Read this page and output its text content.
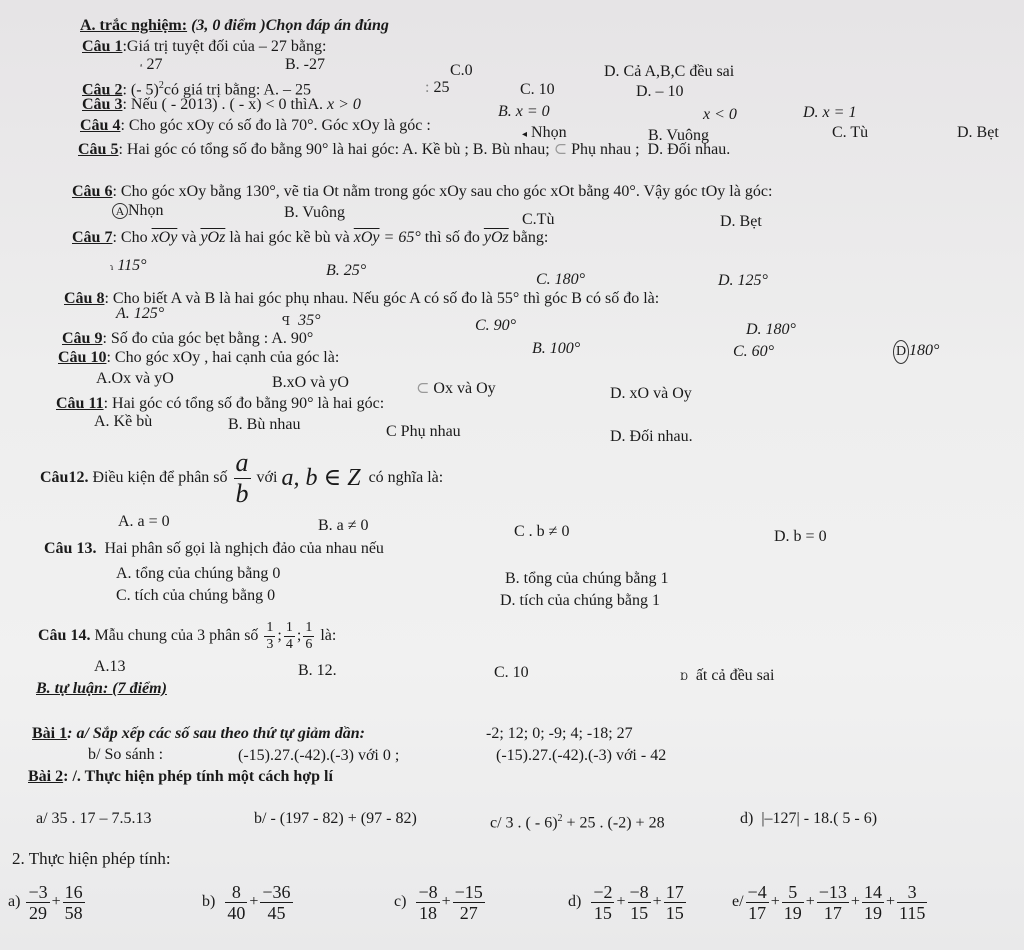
A. trắc nghiệm: (3, 0 điểm )Chọn đáp án đúng
Câu 1:Giá trị tuyệt đối của – 27 bằng:
ᵃ 27	B. -27	C.0	D. Cả A,B,C đều sai
Câu 2: (- 5)$^2$có giá trị bằng: A. – 25	: 25	C. 10	D. – 10
Câu 3: Nếu ( - 2013) . ( - x) < 0 thìA. x > 0	B. x = 0	x < 0	D. x = 1
Câu 4: Cho góc xOy có số đo là 70°. Góc xOy là góc :
◂ Nhọn	B. Vuông	C. Tù	D. Bẹt
Câu 5: Hai góc có tổng số đo bằng 90° là hai góc: A. Kề bù ; B. Bù nhau; ⊂ Phụ nhau ; D. Đối nhau.
Câu 6: Cho góc xOy bằng 130°, vẽ tia Ot nằm trong góc xOy sau cho góc xOt bằng 40°. Vậy góc tOy là góc:
A Nhọn	B. Vuông	C.Tù	D. Bẹt
Câu 7: Cho $\overline{xOy}$ và $\overline{yOz}$ là hai góc kề bù và $\overline{xOy} = 65^\circ$ thì số đo $\overline{yOz}$ bằng:
ɿ 115°	B. 25°
C. 180°	D. 125°
Câu 8: Cho biết A và B là hai góc phụ nhau. Nếu góc A có số đo là 55° thì góc B có số đo là:
A. 125°	ꟼ 35°	C. 90°	D. 180°
Câu 9: Số đo của góc bẹt bằng : A. 90°
B. 100°	C. 60°	D 180°
Câu 10: Cho góc xOy , hai cạnh của góc là:
A.Ox và yO	B.xO và yO	⊂ Ox và Oy	D. xO và Oy
Câu 11: Hai góc có tổng số đo bằng 90° là hai góc:
A. Kề bù	B. Bù nhau	C Phụ nhau	D. Đối nhau.
Câu12.
Điều kiện để phân số
$\frac{a}{b}$
với
a, b ∈ Z
có nghĩa là:
A. a = 0	B. a ≠ 0	C . b ≠ 0	D. b = 0
Câu 13. Hai phân số gọi là nghịch đảo của nhau nếu
A. tổng của chúng bằng 0	B. tổng của chúng bằng 1
C. tích của chúng bằng 0	D. tích của chúng bằng 1
Câu 14.
Mẫu chung của 3 phân số
$\frac{1}{3}$ ; $\frac{1}{4}$ ; $\frac{1}{6}$
là:
A.13	B. 12.	C. 10	Ɒ ất cả đều sai
B. tự luận: (7 điểm)
Bài 1: a/ Sắp xếp các số sau theo thứ tự giảm dần:	-2; 12; 0; -9; 4; -18; 27
b/ So sánh :	(-15).27.(-42).(-3) với 0 ;	(-15).27.(-42).(-3) với - 42
Bài 2: /. Thực hiện phép tính một cách hợp lí
a/ 35 . 17 – 7.5.13	b/ - (197 - 82) + (97 - 82)	c/ 3 . ( - 6)$^2$ + 25 . (-2) + 28	d) |–127| - 18.( 5 - 6)
2. Thực hiện phép tính:
a)
$\frac{-3}{29} + \frac{16}{58}$	b)
$\frac{8}{40} + \frac{-36}{45}$	c)
$\frac{-8}{18} + \frac{-15}{27}$	d)
$\frac{-2}{15} + \frac{-8}{15} + \frac{17}{15}$	$e/ \frac{-4}{17} + \frac{5}{19} + \frac{-13}{17} + \frac{14}{19} + \frac{3}{115}$
